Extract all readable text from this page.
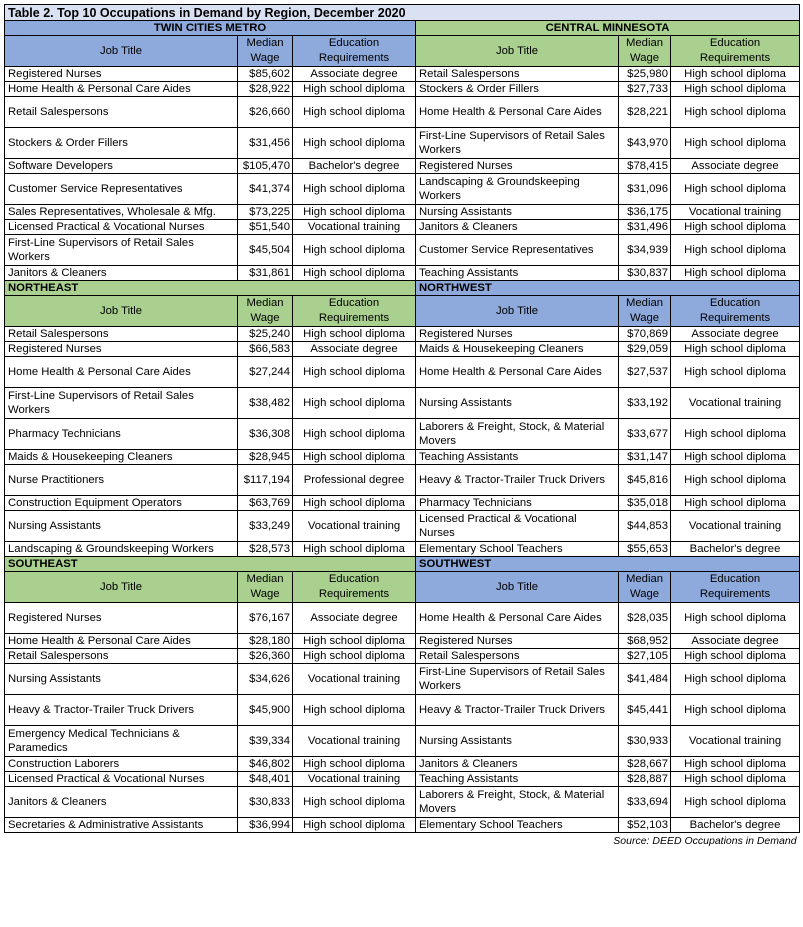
Table 2. Top 10 Occupations in Demand by Region, December 2020					
TWIN CITIES METRO			CENTRAL MINNESOTA		
Job Title	Median Wage	Education Requirements	Job Title	Median Wage	Education Requirements
Registered Nurses	$85,602	Associate degree	Retail Salespersons	$25,980	High school diploma
Home Health & Personal Care Aides	$28,922	High school diploma	Stockers & Order Fillers	$27,733	High school diploma
Retail Salespersons	$26,660	High school diploma	Home Health & Personal Care Aides	$28,221	High school diploma
Stockers & Order Fillers	$31,456	High school diploma	First-Line Supervisors of Retail Sales Workers	$43,970	High school diploma
Software Developers	$105,470	Bachelor's degree	Registered Nurses	$78,415	Associate degree
Customer Service Representatives	$41,374	High school diploma	Landscaping & Groundskeeping Workers	$31,096	High school diploma
Sales Representatives, Wholesale & Mfg.	$73,225	High school diploma	Nursing Assistants	$36,175	Vocational training
Licensed Practical & Vocational Nurses	$51,540	Vocational training	Janitors & Cleaners	$31,496	High school diploma
First-Line Supervisors of Retail Sales Workers	$45,504	High school diploma	Customer Service Representatives	$34,939	High school diploma
Janitors & Cleaners	$31,861	High school diploma	Teaching Assistants	$30,837	High school diploma
NORTHEAST			NORTHWEST		
Job Title	Median Wage	Education Requirements	Job Title	Median Wage	Education Requirements
Retail Salespersons	$25,240	High school diploma	Registered Nurses	$70,869	Associate degree
Registered Nurses	$66,583	Associate degree	Maids & Housekeeping Cleaners	$29,059	High school diploma
Home Health & Personal Care Aides	$27,244	High school diploma	Home Health & Personal Care Aides	$27,537	High school diploma
First-Line Supervisors of Retail Sales Workers	$38,482	High school diploma	Nursing Assistants	$33,192	Vocational training
Pharmacy Technicians	$36,308	High school diploma	Laborers & Freight, Stock, & Material Movers	$33,677	High school diploma
Maids & Housekeeping Cleaners	$28,945	High school diploma	Teaching Assistants	$31,147	High school diploma
Nurse Practitioners	$117,194	Professional degree	Heavy & Tractor-Trailer Truck Drivers	$45,816	High school diploma
Construction Equipment Operators	$63,769	High school diploma	Pharmacy Technicians	$35,018	High school diploma
Nursing Assistants	$33,249	Vocational training	Licensed Practical & Vocational Nurses	$44,853	Vocational training
Landscaping & Groundskeeping Workers	$28,573	High school diploma	Elementary School Teachers	$55,653	Bachelor's degree
SOUTHEAST			SOUTHWEST		
Job Title	Median Wage	Education Requirements	Job Title	Median Wage	Education Requirements
Registered Nurses	$76,167	Associate degree	Home Health & Personal Care Aides	$28,035	High school diploma
Home Health & Personal Care Aides	$28,180	High school diploma	Registered Nurses	$68,952	Associate degree
Retail Salespersons	$26,360	High school diploma	Retail Salespersons	$27,105	High school diploma
Nursing Assistants	$34,626	Vocational training	First-Line Supervisors of Retail Sales Workers	$41,484	High school diploma
Heavy & Tractor-Trailer Truck Drivers	$45,900	High school diploma	Heavy & Tractor-Trailer Truck Drivers	$45,441	High school diploma
Emergency Medical Technicians & Paramedics	$39,334	Vocational training	Nursing Assistants	$30,933	Vocational training
Construction Laborers	$46,802	High school diploma	Janitors & Cleaners	$28,667	High school diploma
Licensed Practical & Vocational Nurses	$48,401	Vocational training	Teaching Assistants	$28,887	High school diploma
Janitors & Cleaners	$30,833	High school diploma	Laborers & Freight, Stock, & Material Movers	$33,694	High school diploma
Secretaries & Administrative Assistants	$36,994	High school diploma	Elementary School Teachers	$52,103	Bachelor's degree
Source: DEED Occupations in Demand					
